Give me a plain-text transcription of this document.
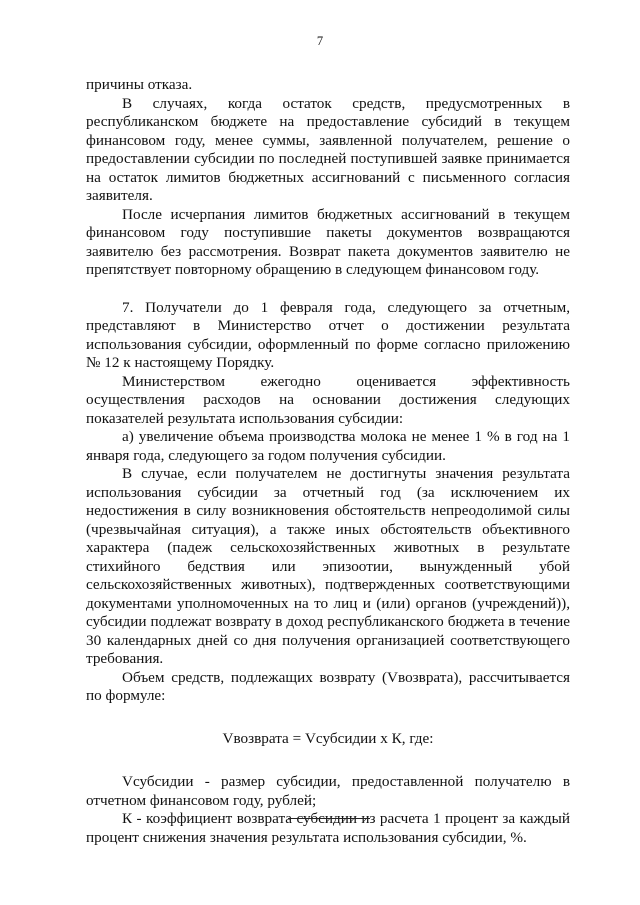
7

причины отказа.

В случаях, когда остаток средств, предусмотренных в республиканском бюджете на предоставление субсидий в текущем финансовом году, менее суммы, заявленной получателем, решение о предоставлении субсидии по последней поступившей заявке принимается на остаток лимитов бюджетных ассигнований с письменного согласия заявителя.

После исчерпания лимитов бюджетных ассигнований в текущем финансовом году поступившие пакеты документов возвращаются заявителю без рассмотрения. Возврат пакета документов заявителю не препятствует повторному обращению в следующем финансовом году.

7. Получатели до 1 февраля года, следующего за отчетным, представляют в Министерство отчет о достижении результата использования субсидии, оформленный по форме согласно приложению № 12 к настоящему Порядку.

Министерством ежегодно оценивается эффективность осуществления расходов на основании достижения следующих показателей результата использования субсидии:

а) увеличение объема производства молока не менее 1 % в год на 1 января года, следующего за годом получения субсидии.

В случае, если получателем не достигнуты значения результата использования субсидии за отчетный год (за исключением их недостижения в силу возникновения обстоятельств непреодолимой силы (чрезвычайная ситуация), а также иных обстоятельств объективного характера (падеж сельскохозяйственных животных в результате стихийного бедствия или эпизоотии, вынужденный убой сельскохозяйственных животных), подтвержденных соответствующими документами уполномоченных на то лиц и (или) органов (учреждений)), субсидии подлежат возврату в доход республиканского бюджета в течение 30 календарных дней со дня получения организацией соответствующего требования.

Объем средств, подлежащих возврату (Vвозврата), рассчитывается по формуле:

Vвозврата = Vсубсидии x К, где:

Vсубсидии - размер субсидии, предоставленной получателю в отчетном финансовом году, рублей;

К - коэффициент возврата субсидии из расчета 1 процент за каждый процент снижения значения результата использования субсидии, %.
